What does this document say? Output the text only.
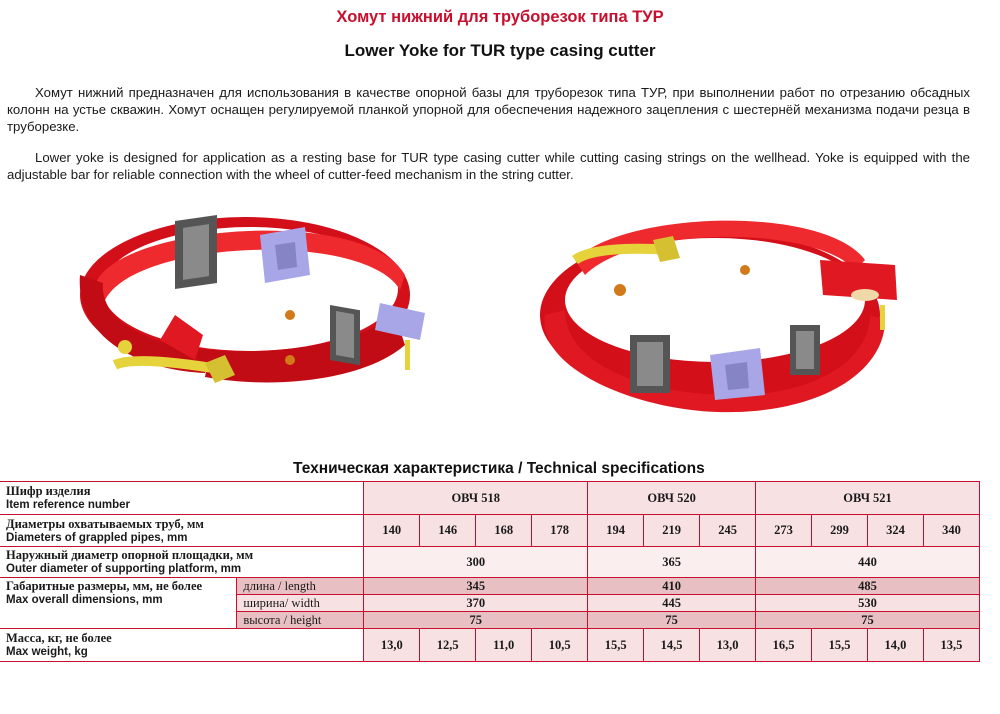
Хомут нижний для труборезок типа ТУР
Lower Yoke for TUR type casing cutter

Хомут нижний предназначен для использования в качестве опорной базы для труборезок типа ТУР, при выполнении работ по отрезанию обсадных колонн на устье скважин. Хомут оснащен регулируемой планкой упорной для обеспечения надежного зацепления с шестернёй механизма подачи резца в труборезке.

Lower yoke is designed for application as a resting base for TUR type casing cutter while cutting casing strings on the wellhead. Yoke is equipped with the adjustable bar for reliable connection with the wheel of cutter-feed mechanism in the string cutter.

Техническая характеристика / Technical specifications
Шифр изделия
Item reference number		ОВЧ 518				ОВЧ 520			ОВЧ 521			

Диаметры охватываемых труб, мм
Diameters of grappled pipes, mm		140	146	168	178	194	219	245	273	299	324	340

Наружный диаметр опорной площадки, мм
Outer diameter of supporting platform, mm		300				365			440			

Габаритные размеры, мм, не более
Max overall dimensions, mm	длина / length	345				410			485			
	ширина/ width	370				445			530			
	высота / height	75				75			75			

Масса, кг, не более
Max weight, kg		13,0	12,5	11,0	10,5	15,5	14,5	13,0	16,5	15,5	14,0	13,5
